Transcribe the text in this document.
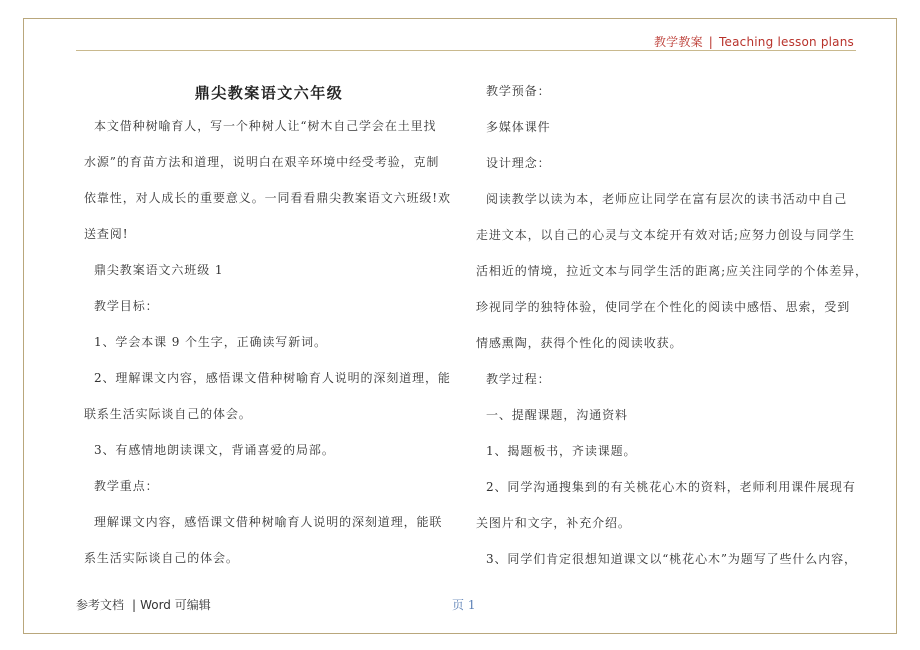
教学教案 | Teaching lesson plans
鼎尖教案语文六年级
本文借种树喻育人，写一个种树人让“树木自己学会在土里找
水源”的育苗方法和道理，说明白在艰辛环境中经受考验，克制
依靠性，对人成长的重要意义。一同看看鼎尖教案语文六班级!欢
送查阅!
鼎尖教案语文六班级 1
教学目标：
1、学会本课 9 个生字，正确读写新词。
2、理解课文内容，感悟课文借种树喻育人说明的深刻道理，能
联系生活实际谈自己的体会。
3、有感情地朗读课文，背诵喜爱的局部。
教学重点：
理解课文内容，感悟课文借种树喻育人说明的深刻道理，能联
系生活实际谈自己的体会。
教学预备：
多媒体课件
设计理念：
阅读教学以读为本，老师应让同学在富有层次的读书活动中自己
走进文本，以自己的心灵与文本绽开有效对话;应努力创设与同学生
活相近的情境，拉近文本与同学生活的距离;应关注同学的个体差异，
珍视同学的独特体验，使同学在个性化的阅读中感悟、思索，受到
情感熏陶，获得个性化的阅读收获。
教学过程：
一、提醒课题，沟通资料
1、揭题板书，齐读课题。
2、同学沟通搜集到的有关桃花心木的资料，老师利用课件展现有
关图片和文字，补充介绍。
3、同学们肯定很想知道课文以“桃花心木”为题写了些什么内容，
参考文档 | Word 可编辑	页 1
